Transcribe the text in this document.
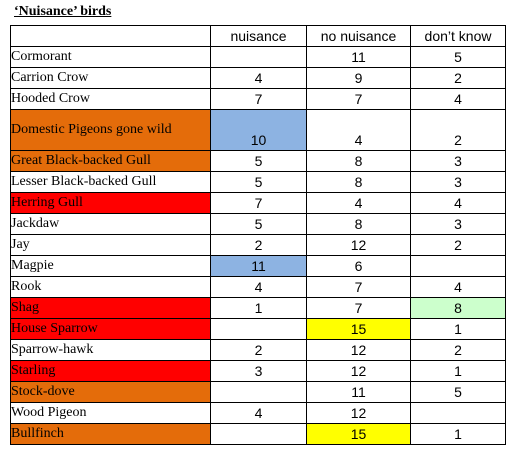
‘Nuisance’ birds
	nuisance	no nuisance	don’t know
Cormorant		11	5

Carrion Crow	4	9	2

Hooded Crow	7	7	4

Domestic Pigeons gone wild	10	4	2

Great Black-backed Gull	5	8	3

Lesser Black-backed Gull	5	8	3

Herring Gull	7	4	4

Jackdaw	5	8	3

Jay	2	12	2

Magpie	11	6	

Rook	4	7	4

Shag	1	7	8

House Sparrow		15	1

Sparrow-hawk	2	12	2

Starling	3	12	1

Stock-dove		11	5

Wood Pigeon	4	12	

Bullfinch		15	1
